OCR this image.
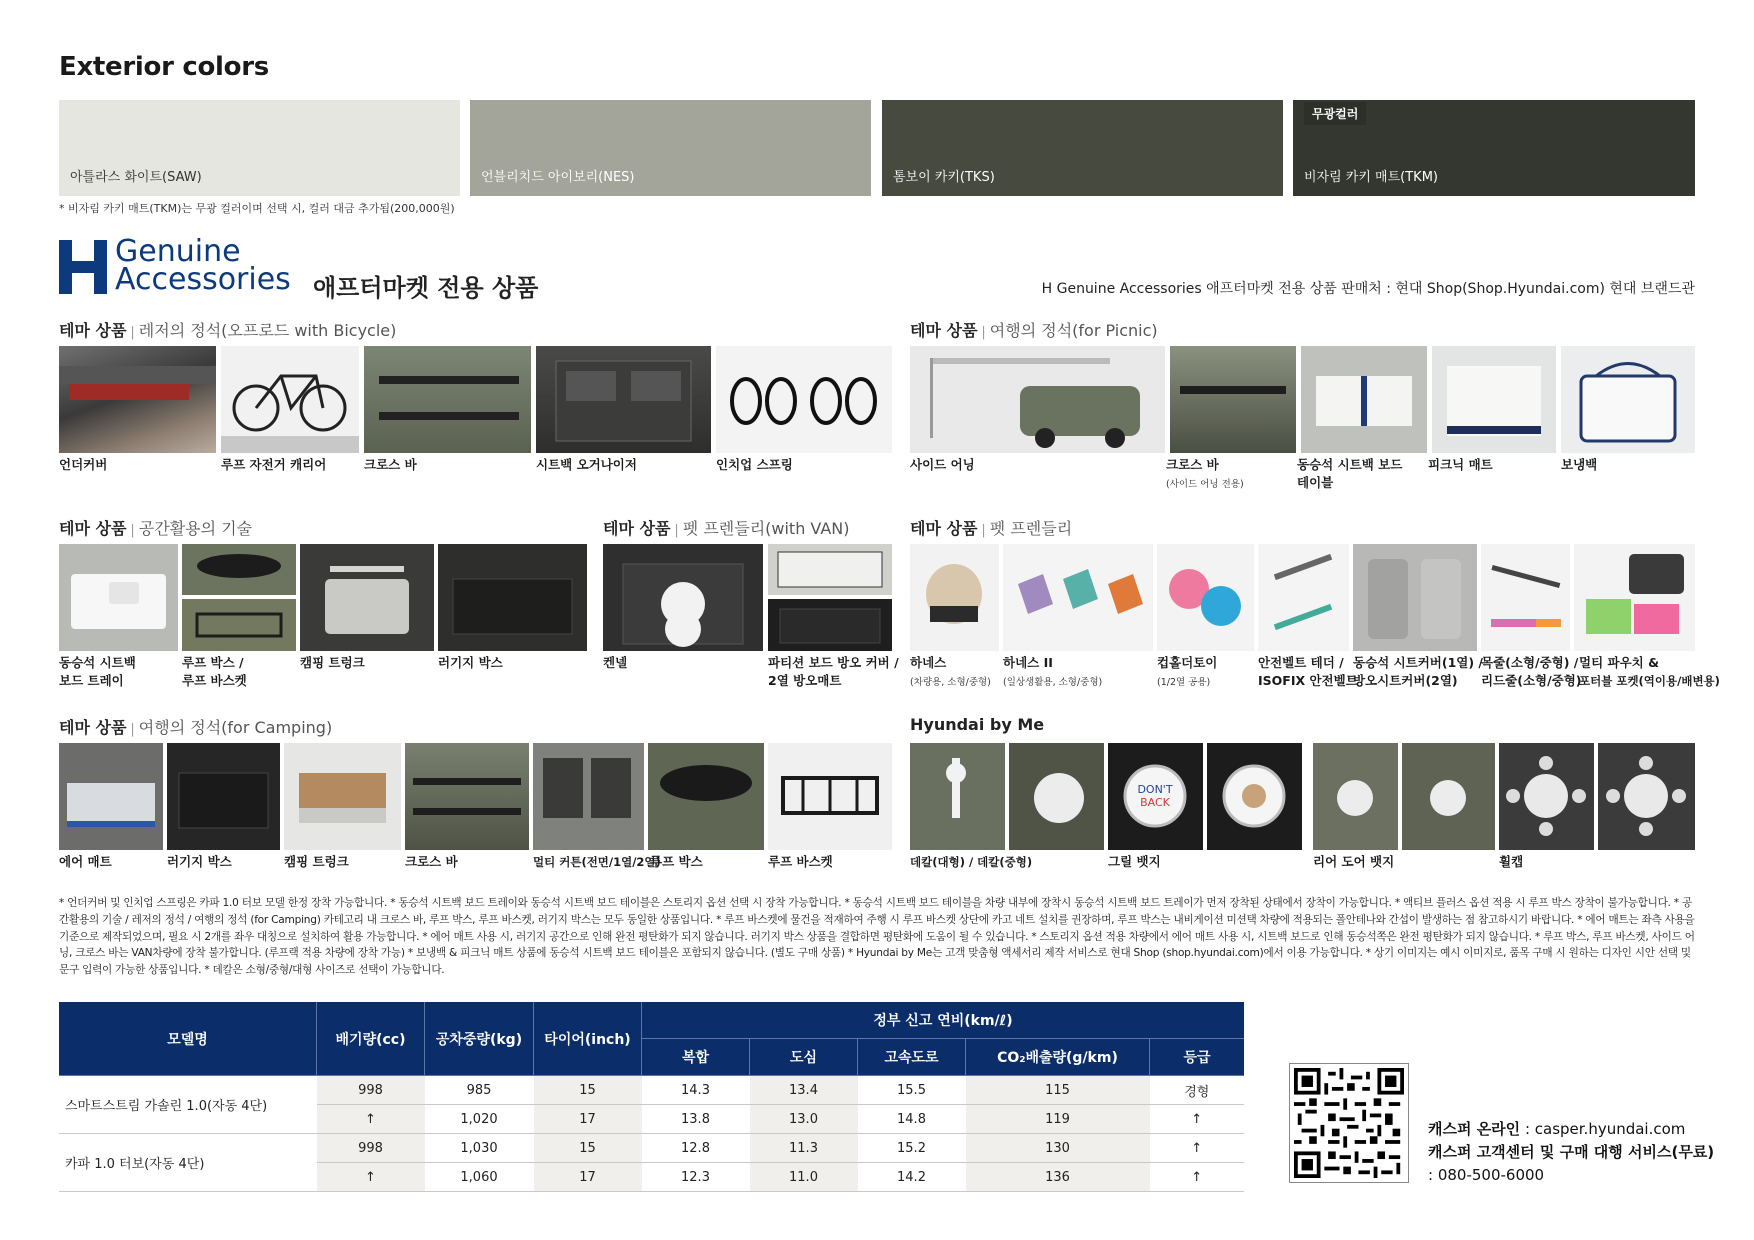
Exterior colors
아틀라스 화이트(SAW)	언블리치드 아이보리(NES)	톰보이 카키(TKS)
무광컬러
비자림 카키 매트(TKM)
* 비자림 카키 매트(TKM)는 무광 컬러이며 선택 시, 컬러 대금 추가됨(200,000원)
Genuine
Accessories 애프터마켓 전용 상품	H Genuine Accessories 애프터마켓 전용 상품 판매처 : 현대 Shop(Shop.Hyundai.com) 현대 브랜드관
테마 상품 | 레저의 정석(오프로드 with Bicycle)
언더커버	루프 자전거 캐리어	크로스 바	시트백 오거나이저	인치업 스프링
테마 상품 | 여행의 정석(for Picnic)
사이드 어닝	크로스 바
(사이드 어닝 전용)
동승석 시트백 보드
테이블
피크닉 매트	보냉백
테마 상품 | 공간활용의 기술
동승석 시트백
보드 트레이
루프 박스 /
루프 바스켓
캠핑 트렁크	러기지 박스
테마 상품 | 펫 프렌들리(with VAN)
켄넬	파티션 보드 방오 커버 /
2열 방오매트
테마 상품 | 펫 프렌들리
하네스
(차량용, 소형/중형)
하네스 II
(일상생활용, 소형/중형)
컵홀더토이
(1/2열 공용)
안전벨트 테더 /
ISOFIX 안전벨트
동승석 시트커버(1열) /
방오시트커버(2열)
목줄(소형/중형) /
리드줄(소형/중형)
멀티 파우치 &
포터블 포켓(역이용/배변용)
테마 상품 | 여행의 정석(for Camping)
에어 매트	러기지 박스	캠핑 트렁크	크로스 바	멀티 커튼(전면/1열/2열)
루프 박스	루프 바스켓
Hyundai by Me
DON'T
BACK
데칼(대형) / 데칼(중형)	그릴 뱃지	리어 도어 뱃지	휠캡
* 언더커버 및 인치업 스프링은 카파 1.0 터보 모델 한정 장착 가능합니다. * 동승석 시트백 보드 트레이와 동승석 시트백 보드 테이블은 스토리지 옵션 선택 시 장착 가능합니다. * 동승석 시트백 보드 테이블을 차량 내부에 장착시 동승석 시트백 보드 트레이가 먼저 장착된 상태에서 장착이 가능합니다. * 액티브 플러스 옵션 적용 시 루프 박스 장착이 불가능합니다. * 공간활용의 기술 / 레저의 정석 / 여행의 정석 (for Camping) 카테고리 내 크로스 바, 루프 박스, 루프 바스켓, 러기지 박스는 모두 동일한 상품입니다. * 루프 바스켓에 물건을 적재하여 주행 시 루프 바스켓 상단에 카고 네트 설치를 권장하며, 루프 박스는 내비게이션 미션택 차량에 적용되는 폴안테나와 간섭이 발생하는 점 참고하시기 바랍니다. * 에어 매트는 좌측 사용을 기준으로 제작되었으며, 필요 시 2개를 좌우 대칭으로 설치하여 활용 가능합니다. * 에어 매트 사용 시, 러기지 공간으로 인해 완전 평탄화가 되지 않습니다. 러기지 박스 상품을 결합하면 평탄화에 도움이 될 수 있습니다. * 스토리지 옵션 적용 차량에서 에어 매트 사용 시, 시트백 보드로 인해 동승석쪽은 완전 평탄화가 되지 않습니다. * 루프 박스, 루프 바스켓, 사이드 어닝, 크로스 바는 VAN차량에 장착 불가합니다. (루프랙 적용 차량에 장착 가능) * 보냉백 & 피크닉 매트 상품에 동승석 시트백 보드 테이블은 포함되지 않습니다. (별도 구매 상품) * Hyundai by Me는 고객 맞춤형 액세서리 제작 서비스로 현대 Shop (shop.hyundai.com)에서 이용 가능합니다. * 상기 이미지는 예시 이미지로, 품목 구매 시 원하는 디자인 시안 선택 및 문구 입력이 가능한 상품입니다. * 데칼은 소형/중형/대형 사이즈로 선택이 가능합니다.
모델명	배기량(cc)	공차중량(kg)	타이어(inch)	정부 신고 연비(km/ℓ)				
				복합	도심	고속도로	CO₂배출량(g/km)	등급
스마트스트림 가솔린 1.0(자동 4단)	998	985	15	14.3	13.4	15.5	115	경형
	↑	1,020	17	13.8	13.0	14.8	119	↑
카파 1.0 터보(자동 4단)	998	1,030	15	12.8	11.3	15.2	130	↑
	↑	1,060	17	12.3	11.0	14.2	136	↑
캐스퍼 온라인 : casper.hyundai.com
캐스퍼 고객센터 및 구매 대행 서비스(무료)
: 080-500-6000
